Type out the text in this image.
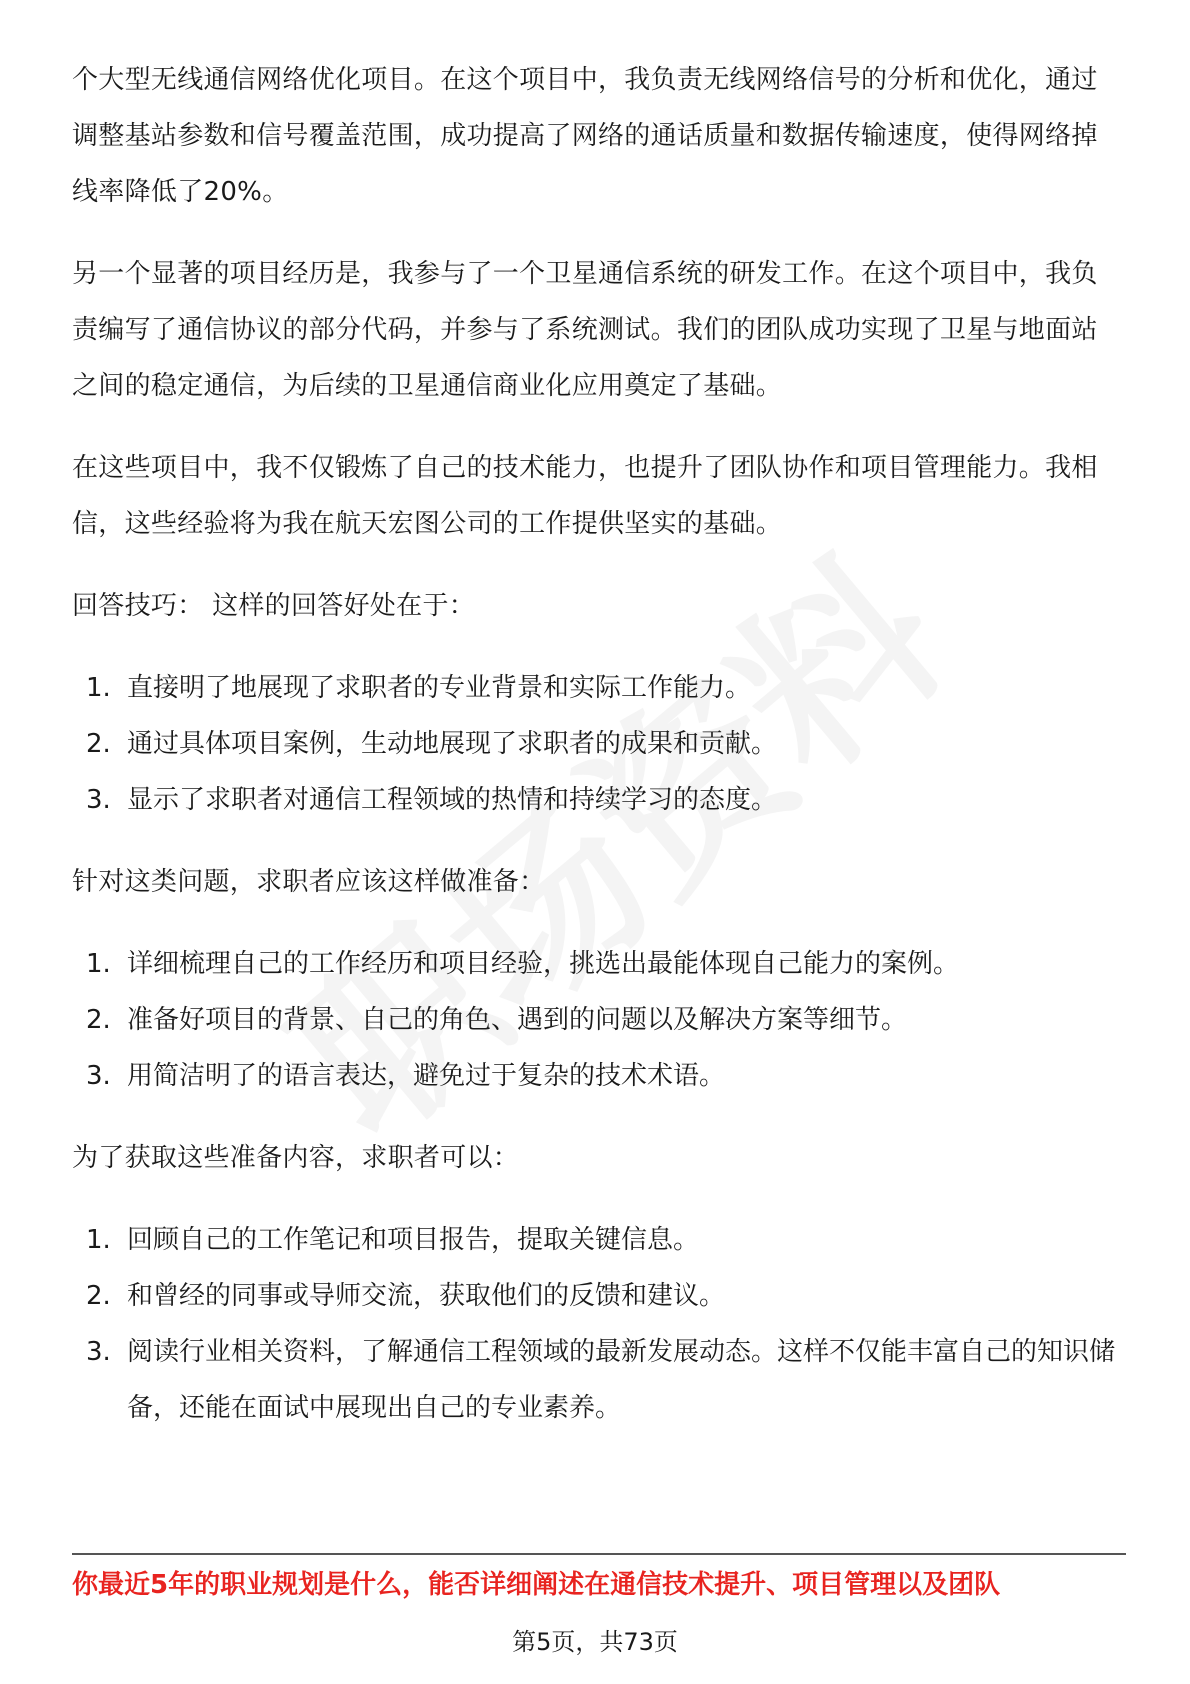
个大型无线通信网络优化项目。在这个项目中，我负责无线网络信号的分析和优化，通过调整基站参数和信号覆盖范围，成功提高了网络的通话质量和数据传输速度，使得网络掉线率降低了20%。

另一个显著的项目经历是，我参与了一个卫星通信系统的研发工作。在这个项目中，我负责编写了通信协议的部分代码，并参与了系统测试。我们的团队成功实现了卫星与地面站之间的稳定通信，为后续的卫星通信商业化应用奠定了基础。

在这些项目中，我不仅锻炼了自己的技术能力，也提升了团队协作和项目管理能力。我相信，这些经验将为我在航天宏图公司的工作提供坚实的基础。

回答技巧： 这样的回答好处在于：

1. 直接明了地展现了求职者的专业背景和实际工作能力。
2. 通过具体项目案例，生动地展现了求职者的成果和贡献。
3. 显示了求职者对通信工程领域的热情和持续学习的态度。

针对这类问题，求职者应该这样做准备：

1. 详细梳理自己的工作经历和项目经验，挑选出最能体现自己能力的案例。
2. 准备好项目的背景、自己的角色、遇到的问题以及解决方案等细节。
3. 用简洁明了的语言表达，避免过于复杂的技术术语。

为了获取这些准备内容，求职者可以：

1. 回顾自己的工作笔记和项目报告，提取关键信息。
2. 和曾经的同事或导师交流，获取他们的反馈和建议。
3. 阅读行业相关资料，了解通信工程领域的最新发展动态。这样不仅能丰富自己的知识储备，还能在面试中展现出自己的专业素养。
你最近5年的职业规划是什么，能否详细阐述在通信技术提升、项目管理以及团队
第5页，共73页
